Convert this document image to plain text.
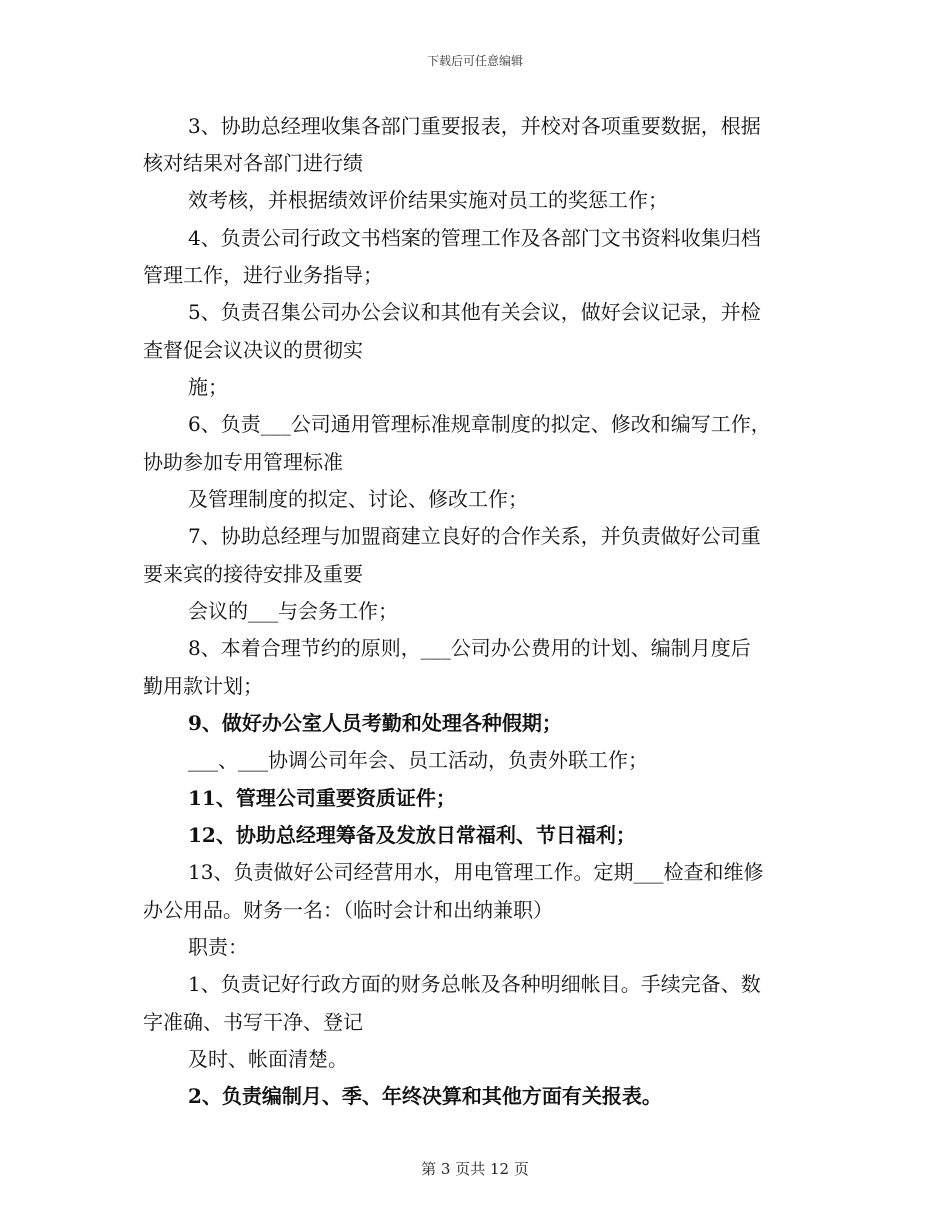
下载后可任意编辑
3、协助总经理收集各部门重要报表，并校对各项重要数据，根据
核对结果对各部门进行绩
效考核，并根据绩效评价结果实施对员工的奖惩工作；
4、负责公司行政文书档案的管理工作及各部门文书资料收集归档
管理工作，进行业务指导；
5、负责召集公司办公会议和其他有关会议，做好会议记录，并检
查督促会议决议的贯彻实
施；
6、负责___公司通用管理标准规章制度的拟定、修改和编写工作，
协助参加专用管理标准
及管理制度的拟定、讨论、修改工作；
7、协助总经理与加盟商建立良好的合作关系，并负责做好公司重
要来宾的接待安排及重要
会议的___与会务工作；
8、本着合理节约的原则，___公司办公费用的计划、编制月度后
勤用款计划；
9、做好办公室人员考勤和处理各种假期；
___、___协调公司年会、员工活动，负责外联工作；
11、管理公司重要资质证件；
12、协助总经理筹备及发放日常福利、节日福利；
13、负责做好公司经营用水，用电管理工作。定期___检查和维修
办公用品。财务一名：（临时会计和出纳兼职）
职责：
1、负责记好行政方面的财务总帐及各种明细帐目。手续完备、数
字准确、书写干净、登记
及时、帐面清楚。
2、负责编制月、季、年终决算和其他方面有关报表。
第 3 页共 12 页
